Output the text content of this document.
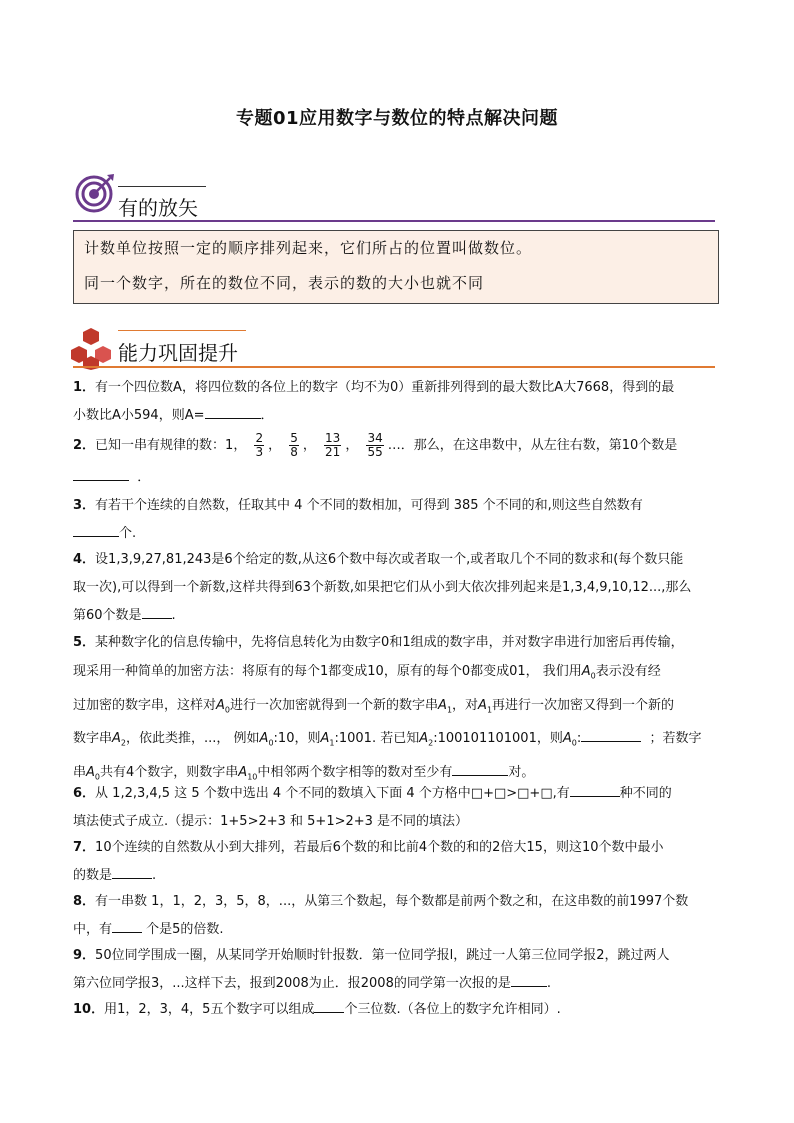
专题01应用数字与数位的特点解决问题
有的放矢

计数单位按照一定的顺序排列起来，它们所占的位置叫做数位。

同一个数字，所在的数位不同，表示的数的大小也就不同

能力巩固提升
1．有一个四位数A，将四位数的各位上的数字（均不为0）重新排列得到的最大数比A大7668，得到的最
小数比A小594，则A=	．
2．已知一串有规律的数：1， $\frac{2}{3}$ ， $\frac{5}{8}$ ， $\frac{13}{21}$ ， $\frac{34}{55}$ …．那么，在这串数中，从左往右数，第10个数是
．
3．有若干个连续的自然数，任取其中 4 个不同的数相加，可得到 385 个不同的和,则这些自然数有
个.
4．设1,3,9,27,81,243是6个给定的数,从这6个数中每次或者取一个,或者取几个不同的数求和(每个数只能
取一次),可以得到一个新数,这样共得到63个新数,如果把它们从小到大依次排列起来是1,3,4,9,10,12...,那么
第60个数是 .
5．某种数字化的信息传输中，先将信息转化为由数字0和1组成的数字串，并对数字串进行加密后再传输，
现采用一种简单的加密方法：将原有的每个1都变成10，原有的每个0都变成01， 我们用$A_0$表示没有经
过加密的数字串，这样对$A_0$进行一次加密就得到一个新的数字串$A_1$，对$A_1$再进行一次加密又得到一个新的
数字串$A_2$，依此类推，...， 例如$A_0:10$，则$A_1:1001$. 若已知$A_2:100101101001$，则$A_0$:	；若数字
串$A_0$共有4个数字，则数字串$A_{10}$中相邻两个数字相等的数对至少有	对。
6．从 1,2,3,4,5 这 5 个数中选出 4 个不同的数填入下面 4 个方格中□+□>□+□,有	种不同的
填法使式子成立.（提示：1+5>2+3 和 5+1>2+3 是不同的填法）
7．10个连续的自然数从小到大排列，若最后6个数的和比前4个数的和的2倍大15，则这10个数中最小
的数是	.
8．有一串数 1，1，2，3，5，8，...，从第三个数起，每个数都是前两个数之和，在这串数的前1997个数
中，有	个是5的倍数.
9．50位同学围成一圈，从某同学开始顺时针报数．第一位同学报l，跳过一人第三位同学报2，跳过两人
第六位同学报3，...这样下去，报到2008为止．报2008的同学第一次报的是	.
10．用1，2，3，4，5五个数字可以组成 个三位数.（各位上的数字允许相同）.
